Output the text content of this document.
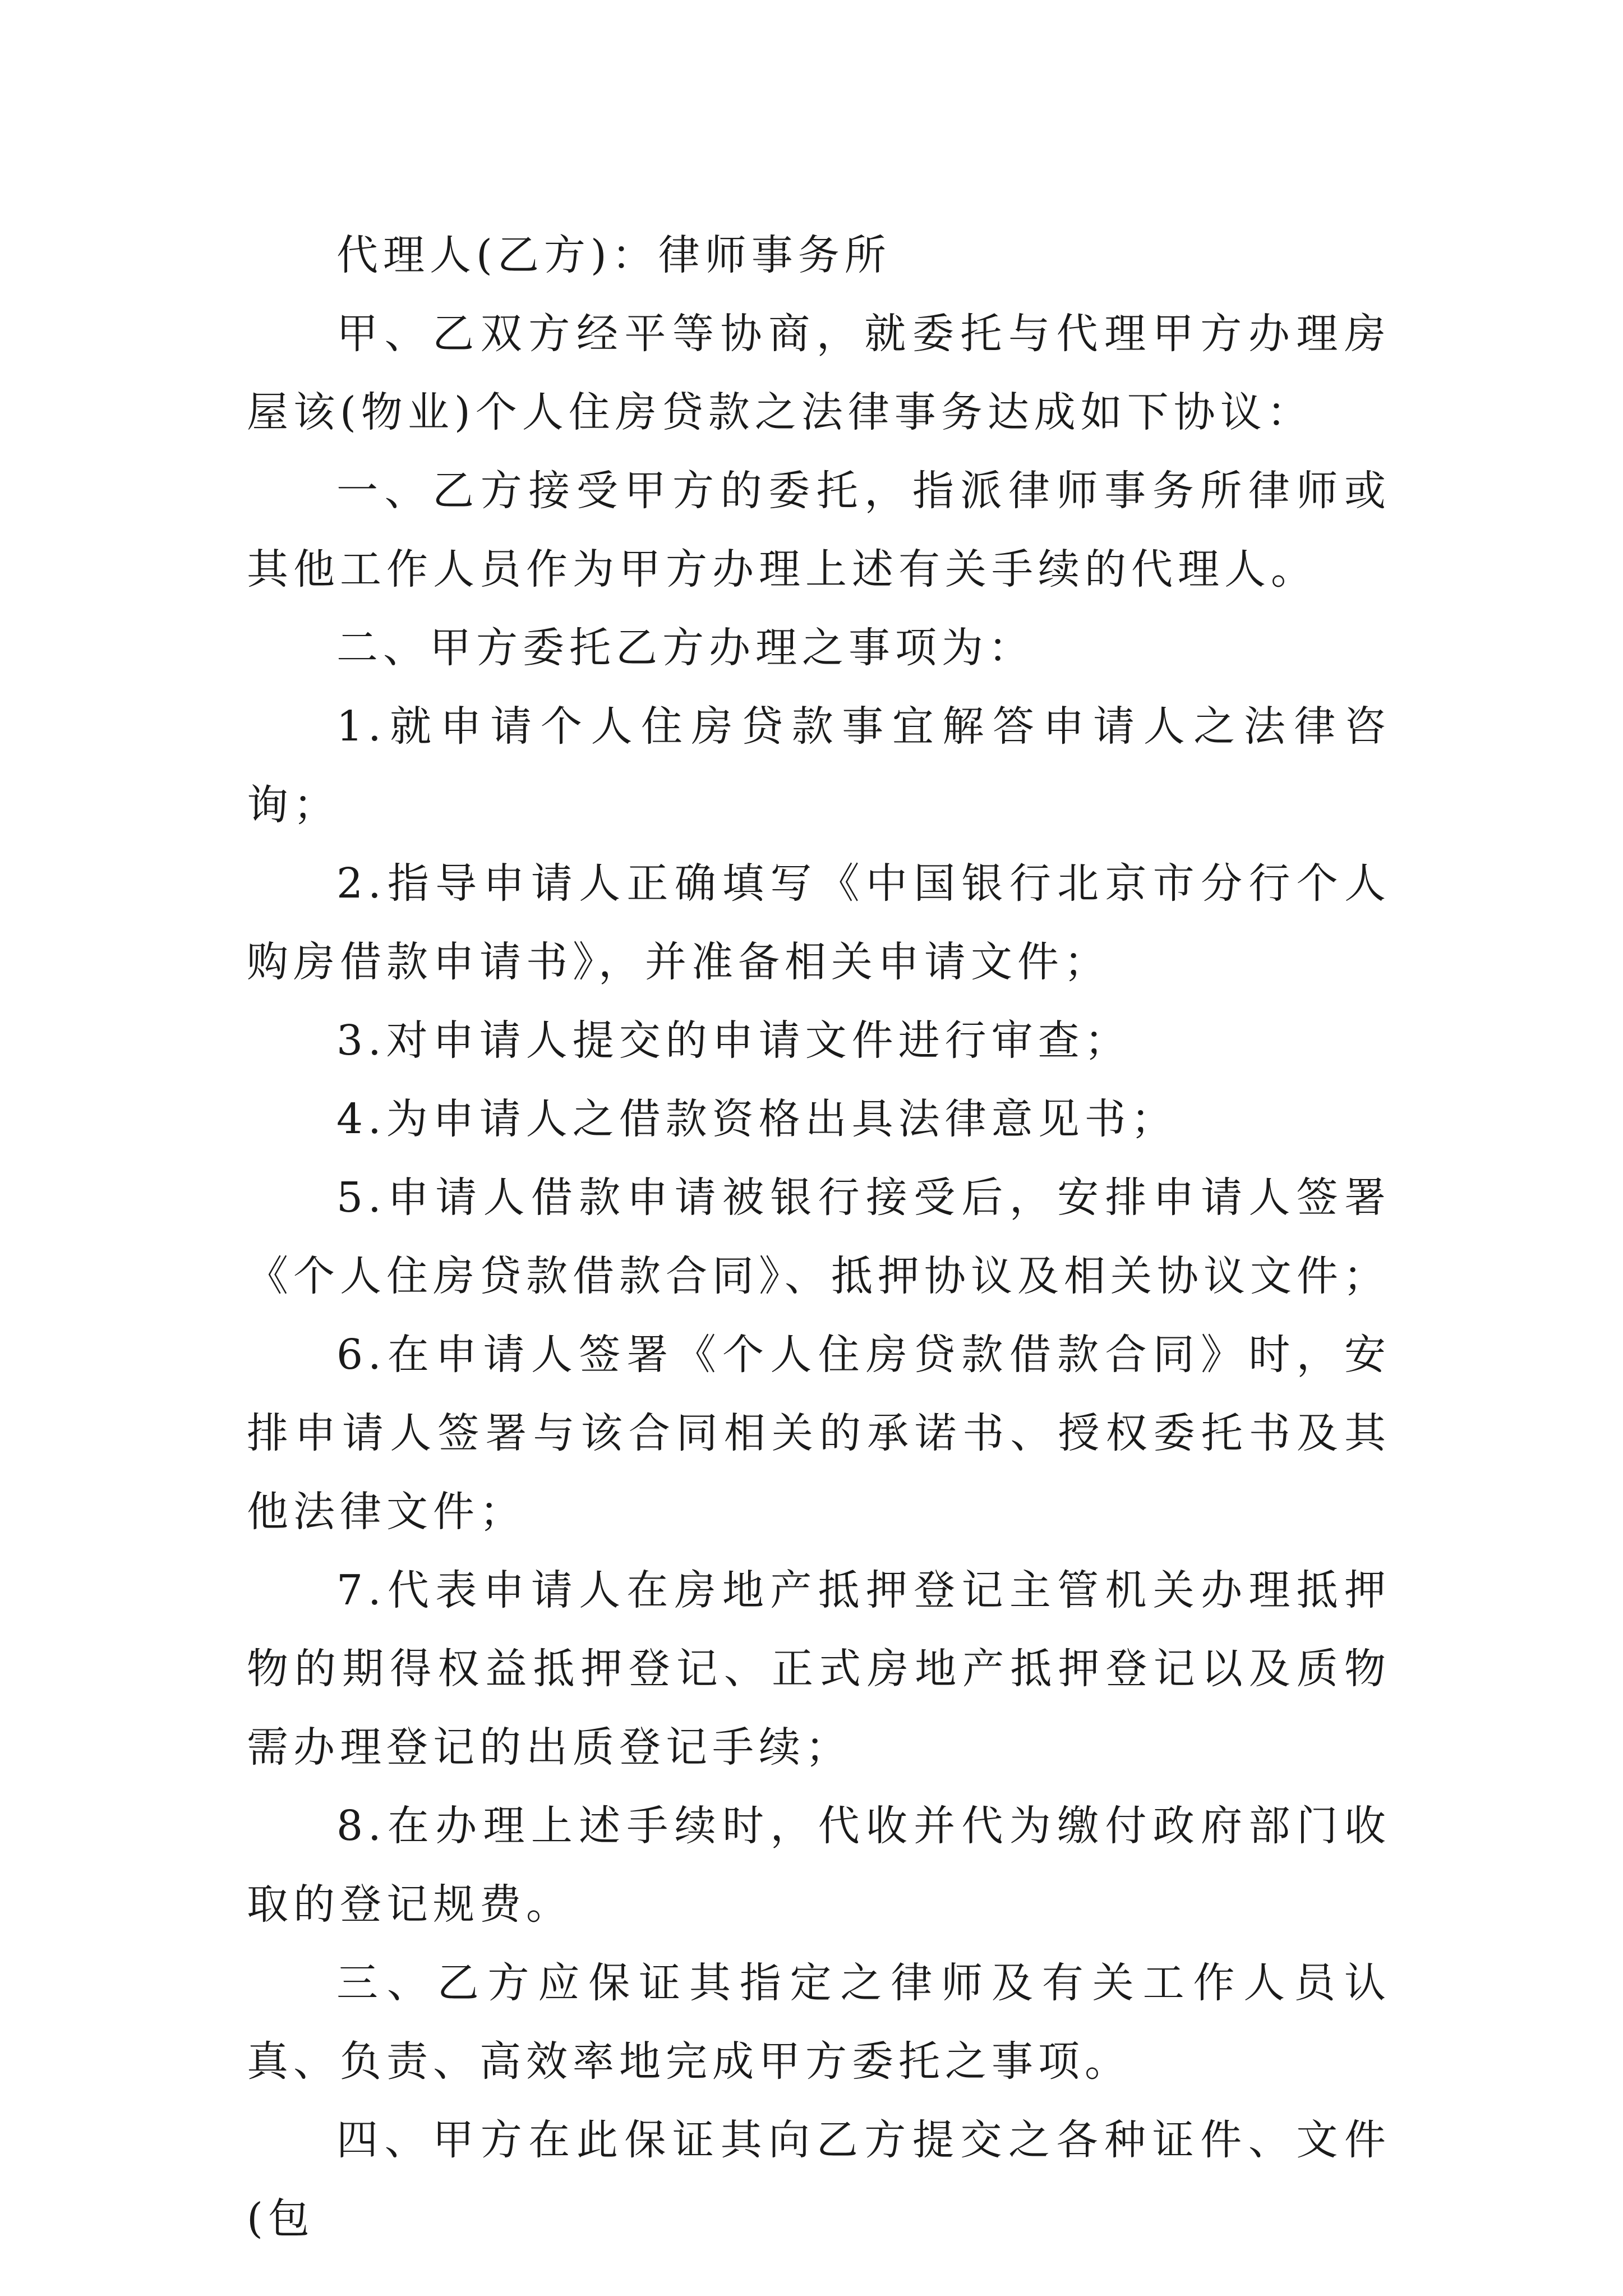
代理人(乙方)：律师事务所

甲、乙双方经平等协商，就委托与代理甲方办理房屋该(物业)个人住房贷款之法律事务达成如下协议：

一、乙方接受甲方的委托，指派律师事务所律师或其他工作人员作为甲方办理上述有关手续的代理人。

二、甲方委托乙方办理之事项为：

1.就申请个人住房贷款事宜解答申请人之法律咨询；

2.指导申请人正确填写《中国银行北京市分行个人购房借款申请书》，并准备相关申请文件；

3.对申请人提交的申请文件进行审查；

4.为申请人之借款资格出具法律意见书；

5.申请人借款申请被银行接受后，安排申请人签署《个人住房贷款借款合同》、抵押协议及相关协议文件；

6.在申请人签署《个人住房贷款借款合同》时，安排申请人签署与该合同相关的承诺书、授权委托书及其他法律文件；

7.代表申请人在房地产抵押登记主管机关办理抵押物的期得权益抵押登记、正式房地产抵押登记以及质物需办理登记的出质登记手续；

8.在办理上述手续时，代收并代为缴付政府部门收取的登记规费。

三、乙方应保证其指定之律师及有关工作人员认真、负责、高效率地完成甲方委托之事项。

四、甲方在此保证其向乙方提交之各种证件、文件(包
